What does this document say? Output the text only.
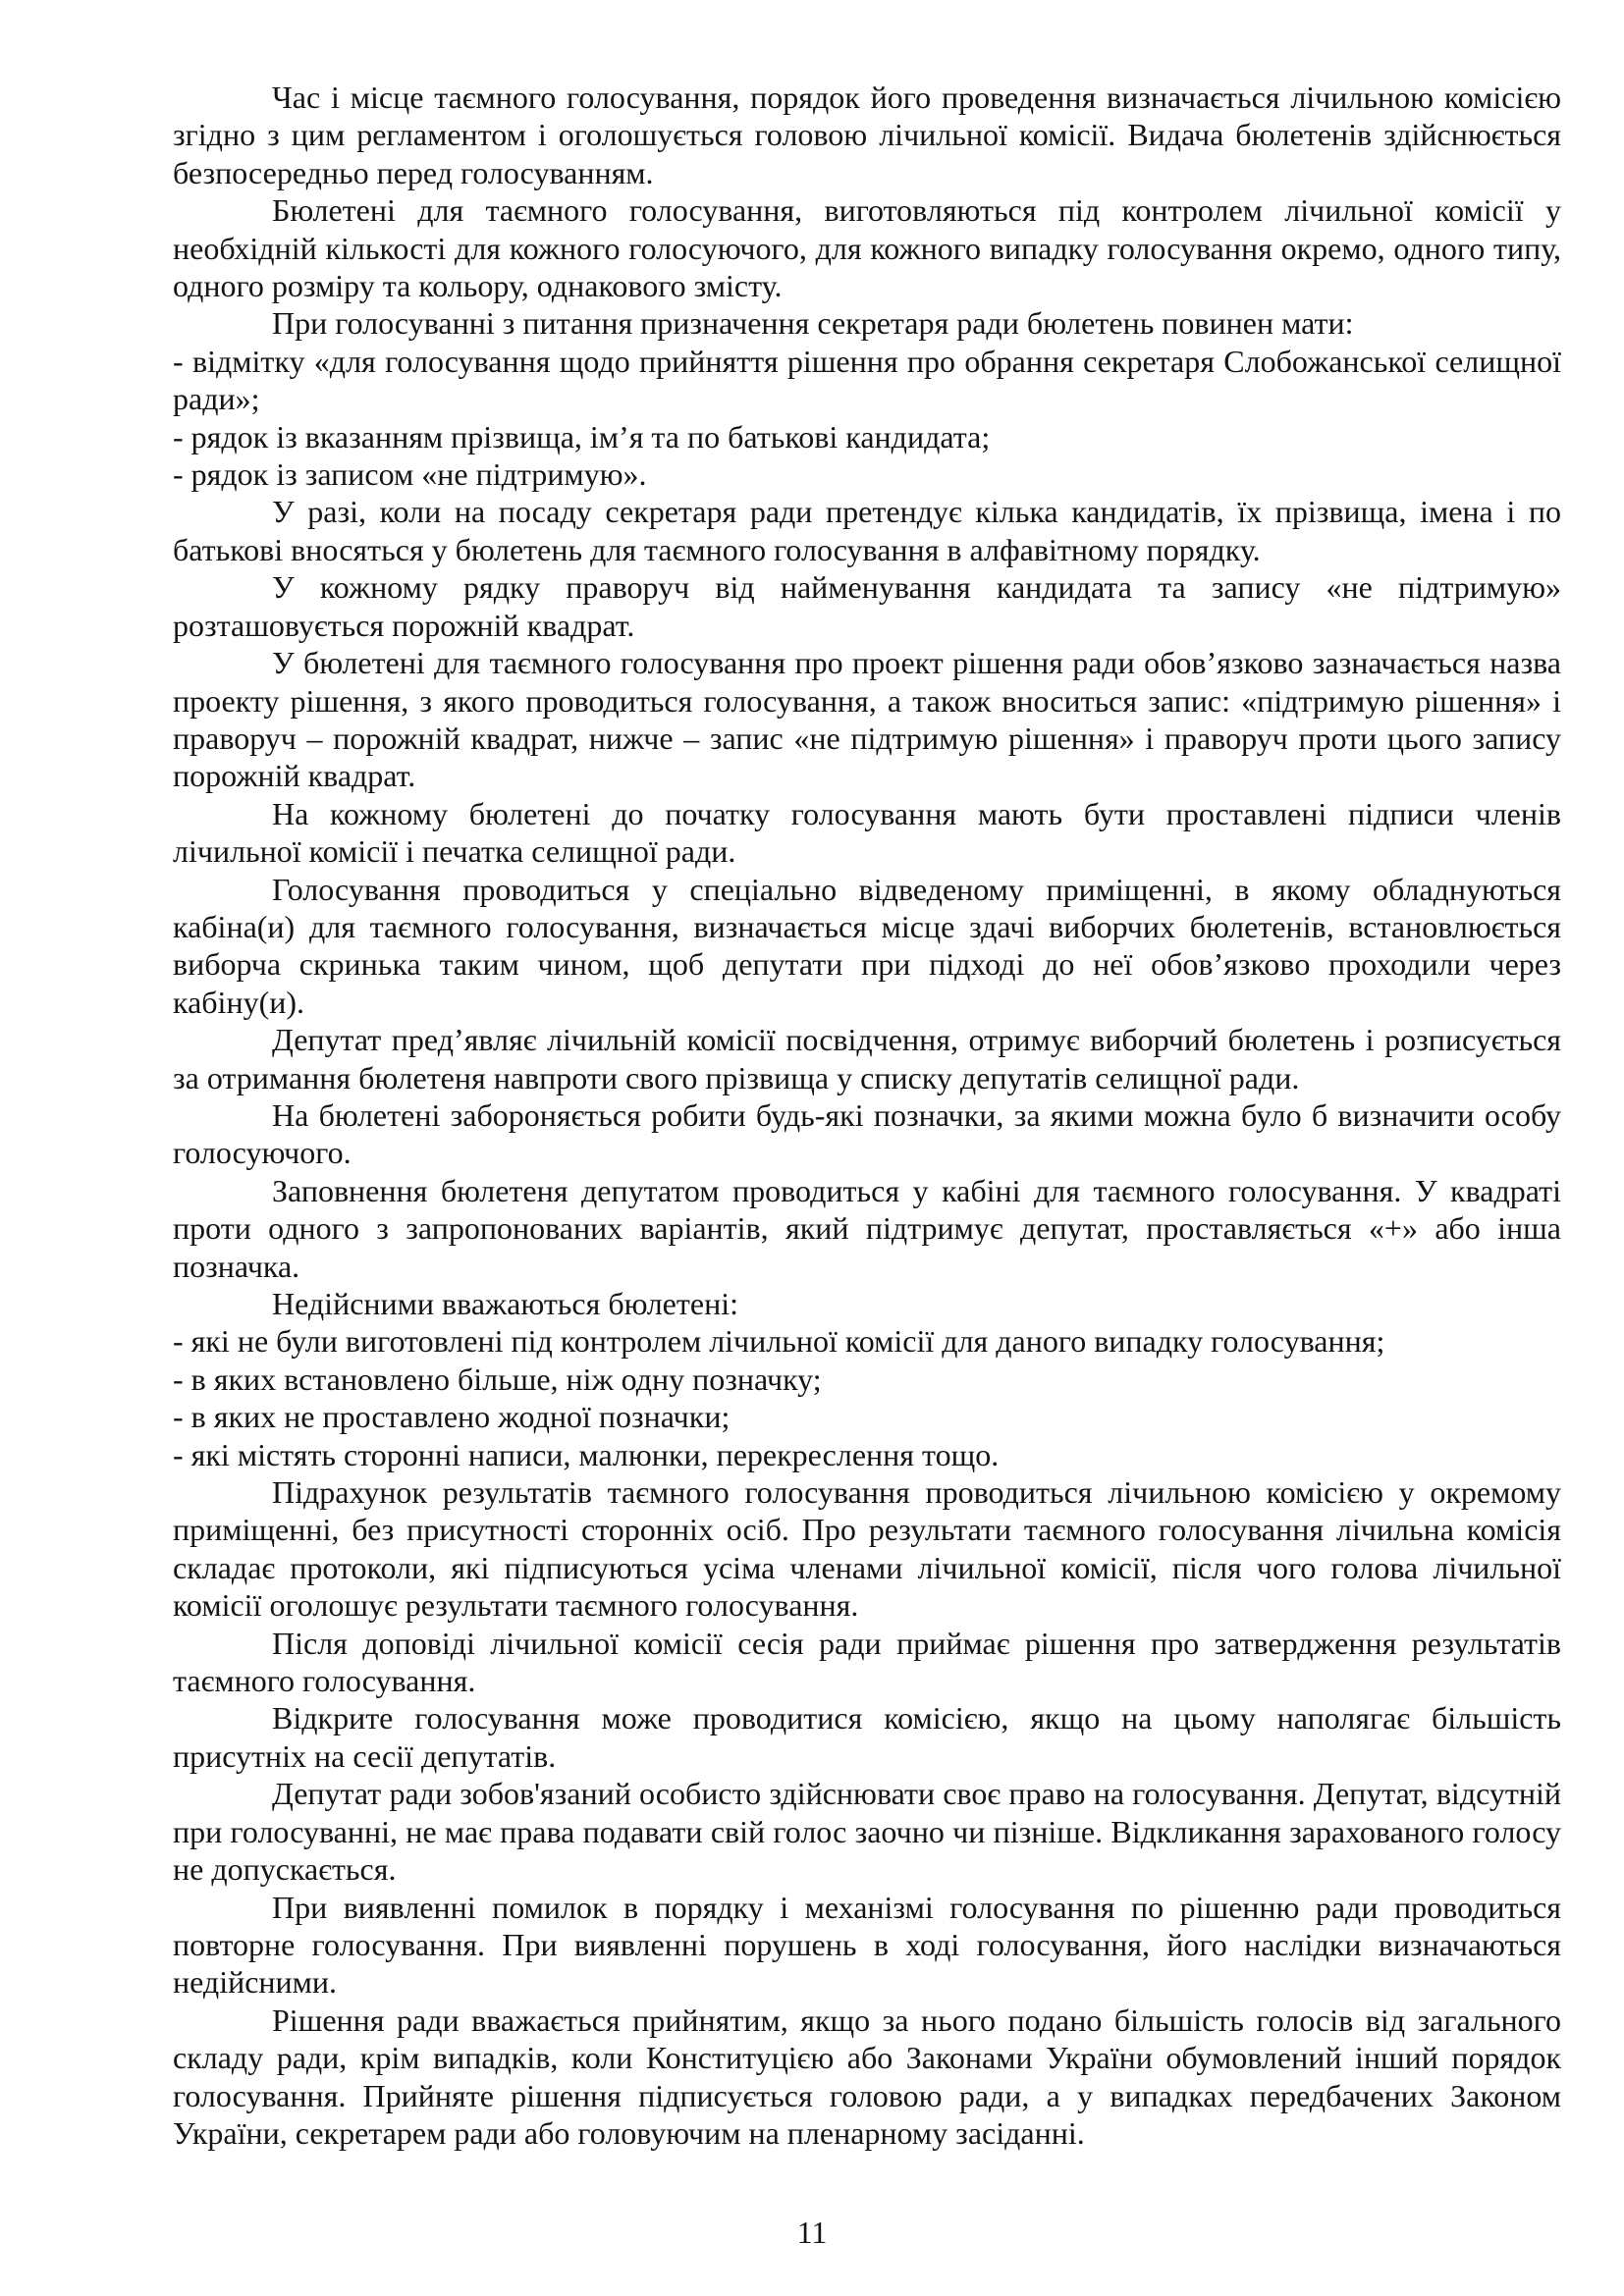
Час і місце таємного голосування, порядок його проведення визначається лічильною комісією згідно з цим регламентом і оголошується головою лічильної комісії. Видача бюлетенів здійснюється безпосередньо перед голосуванням.

Бюлетені для таємного голосування, виготовляються під контролем лічильної комісії у необхідній кількості для кожного голосуючого, для кожного випадку голосування окремо, одного типу, одного розміру та кольору, однакового змісту.

При голосуванні з питання призначення секретаря ради бюлетень повинен мати:

- відмітку «для голосування щодо прийняття рішення про обрання секретаря Слобожанської селищної ради»;

- рядок із вказанням прізвища, ім’я та по батькові кандидата;

- рядок із записом «не підтримую».

У разі, коли на посаду секретаря ради претендує кілька кандидатів, їх прізвища, імена і по батькові вносяться у бюлетень для таємного голосування в алфавітному порядку.

У кожному рядку праворуч від найменування кандидата та запису «не підтримую» розташовується порожній квадрат.

У бюлетені для таємного голосування про проект рішення ради обов’язково зазначається назва проекту рішення, з якого проводиться голосування, а також вноситься запис: «підтримую рішення» і праворуч – порожній квадрат, нижче – запис «не підтримую рішення» і праворуч проти цього запису порожній квадрат.

На кожному бюлетені до початку голосування мають бути проставлені підписи членів лічильної комісії і печатка селищної ради.

Голосування проводиться у спеціально відведеному приміщенні, в якому обладнуються кабіна(и) для таємного голосування, визначається місце здачі виборчих бюлетенів, встановлюється виборча скринька таким чином, щоб депутати при підході до неї обов’язково проходили через кабіну(и).

Депутат пред’являє лічильній комісії посвідчення, отримує виборчий бюлетень і розписується за отримання бюлетеня навпроти свого прізвища у списку депутатів селищної ради.

На бюлетені забороняється робити будь-які позначки, за якими можна було б визначити особу голосуючого.

Заповнення бюлетеня депутатом проводиться у кабіні для таємного голосування. У квадраті проти одного з запропонованих варіантів, який підтримує депутат, проставляється «+» або інша позначка.

Недійсними вважаються бюлетені:

- які не були виготовлені під контролем лічильної комісії для даного випадку голосування;

- в яких встановлено більше, ніж одну позначку;

- в яких не проставлено жодної позначки;

- які містять сторонні написи, малюнки, перекреслення тощо.

Підрахунок результатів таємного голосування проводиться лічильною комісією у окремому приміщенні, без присутності сторонніх осіб. Про результати таємного голосування лічильна комісія складає протоколи, які підписуються усіма членами лічильної комісії, після чого голова лічильної комісії оголошує результати таємного голосування.

Після доповіді лічильної комісії сесія ради приймає рішення про затвердження результатів таємного голосування.

Відкрите голосування може проводитися комісією, якщо на цьому наполягає більшість присутніх на сесії депутатів.

Депутат ради зобов'язаний особисто здійснювати своє право на голосування. Депутат, відсутній при голосуванні, не має права подавати свій голос заочно чи пізніше. Відкликання зарахованого голосу не допускається.

При виявленні помилок в порядку і механізмі голосування по рішенню ради проводиться повторне голосування. При виявленні порушень в ході голосування, його наслідки визначаються недійсними.

Рішення ради вважається прийнятим, якщо за нього подано більшість голосів від загального складу ради, крім випадків, коли Конституцією або Законами України обумовлений інший порядок голосування. Прийняте рішення підписується головою ради, а у випадках передбачених Законом України, секретарем ради або головуючим на пленарному засіданні.

11
